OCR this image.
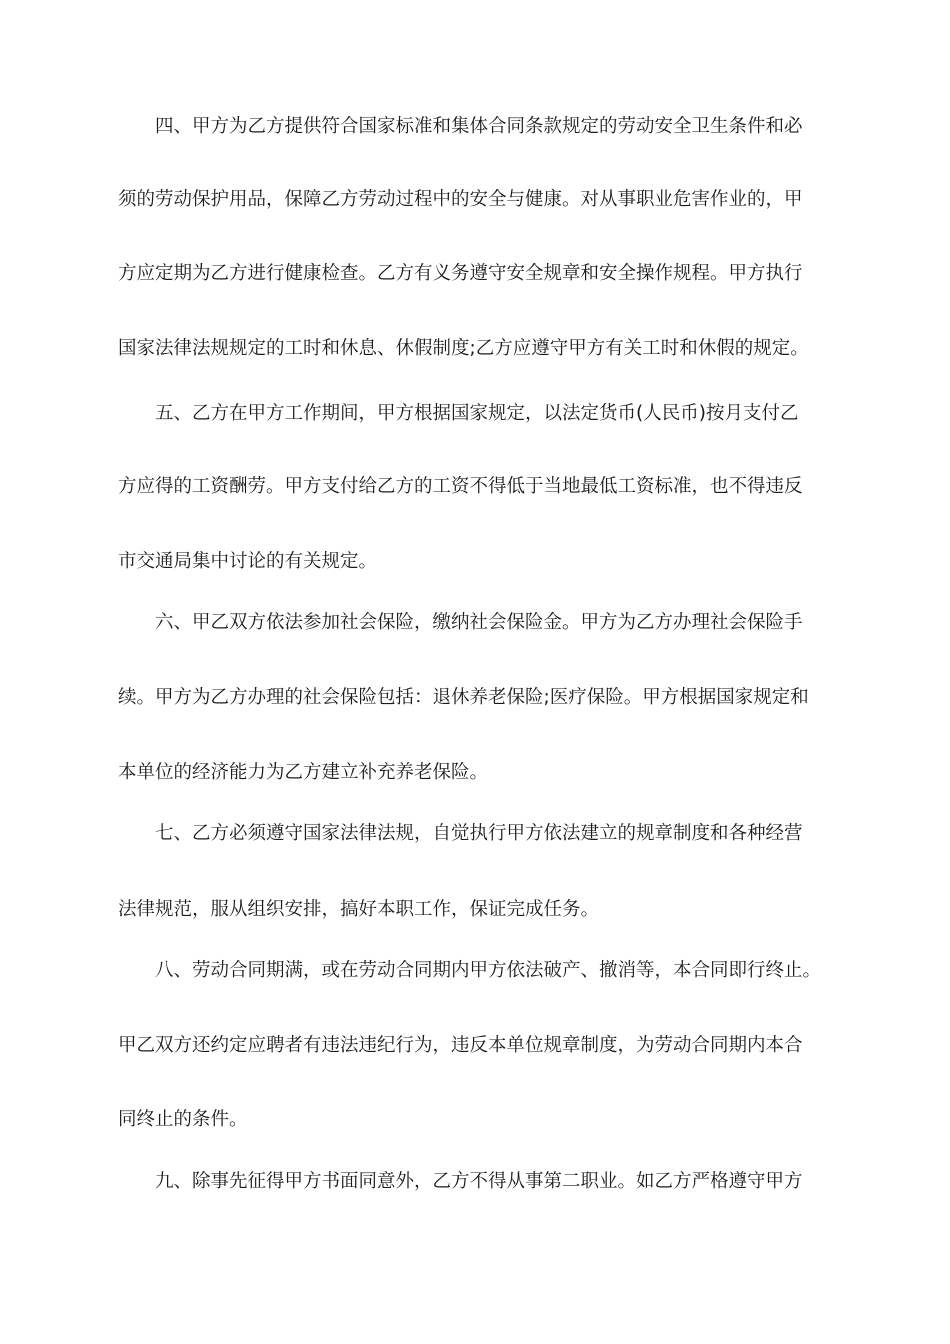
四、甲方为乙方提供符合国家标准和集体合同条款规定的劳动安全卫生条件和必
须的劳动保护用品，保障乙方劳动过程中的安全与健康。对从事职业危害作业的，甲
方应定期为乙方进行健康检查。乙方有义务遵守安全规章和安全操作规程。甲方执行
国家法律法规规定的工时和休息、休假制度;乙方应遵守甲方有关工时和休假的规定。
五、乙方在甲方工作期间，甲方根据国家规定，以法定货币(人民币)按月支付乙
方应得的工资酬劳。甲方支付给乙方的工资不得低于当地最低工资标准，也不得违反
市交通局集中讨论的有关规定。
六、甲乙双方依法参加社会保险，缴纳社会保险金。甲方为乙方办理社会保险手
续。甲方为乙方办理的社会保险包括：退休养老保险;医疗保险。甲方根据国家规定和
本单位的经济能力为乙方建立补充养老保险。
七、乙方必须遵守国家法律法规，自觉执行甲方依法建立的规章制度和各种经营
法律规范，服从组织安排，搞好本职工作，保证完成任务。
八、劳动合同期满，或在劳动合同期内甲方依法破产、撤消等，本合同即行终止。
甲乙双方还约定应聘者有违法违纪行为，违反本单位规章制度，为劳动合同期内本合
同终止的条件。
九、除事先征得甲方书面同意外，乙方不得从事第二职业。如乙方严格遵守甲方
